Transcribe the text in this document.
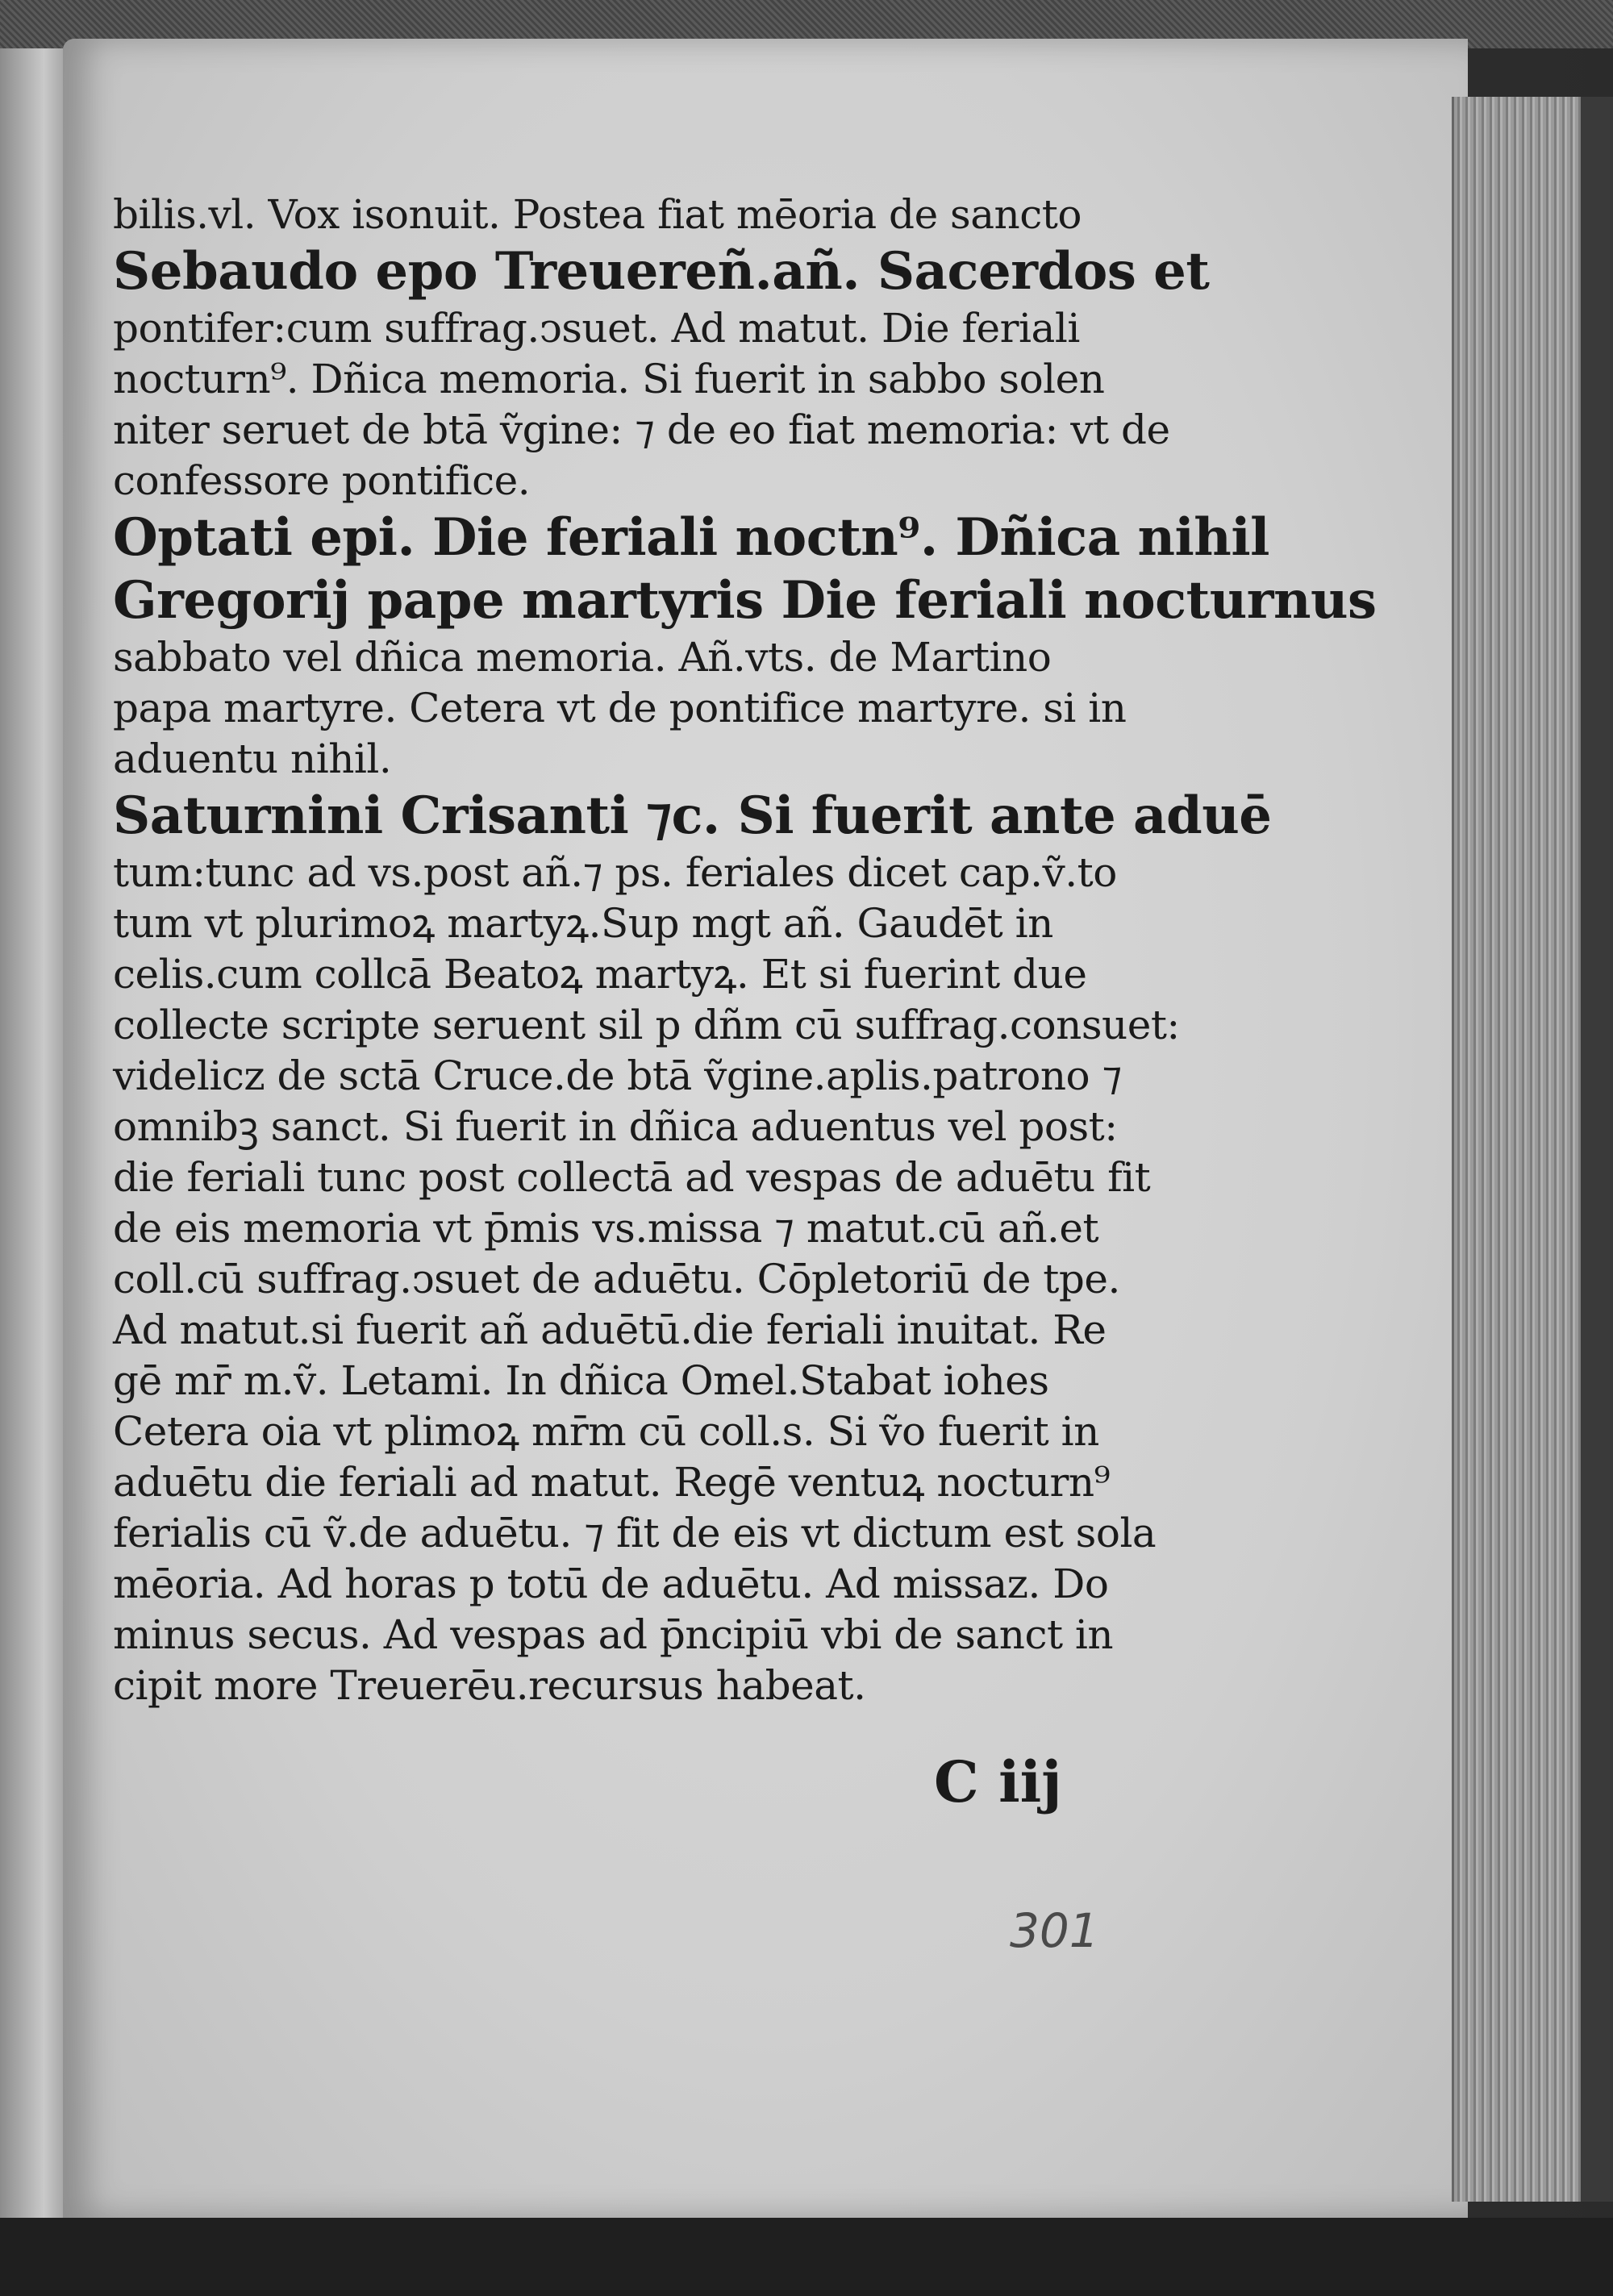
bilis.vl. Vox isonuit. Postea fiat mēoria de sancto
Sebaudo epo Treuereñ.añ. Sacerdos et
pontifer:cum suffrag.ↄsuet. Ad matut. Die feriali
nocturn⁹. Dñica memoria. Si fuerit in sabbo solen
niter seruet de btā ṽgine: ⁊ de eo fiat memoria: vt de
confessore pontifice.
Optati epi. Die feriali noctn⁹. Dñica nihil
Gregorij pape martyris Die feriali nocturnus
sabbato vel dñica memoria. Añ.vts. de Martino
papa martyre. Cetera vt de pontifice martyre. si in
aduentu nihil.
Saturnini Crisanti ⁊c. Si fuerit ante aduē
tum:tunc ad vs.post añ.⁊ ps. feriales dicet cap.ṽ.to
tum vt plurimoꝝ martyꝝ.Sup mgt añ. Gaudēt in
celis.cum collcā Beatoꝝ martyꝝ. Et si fuerint due
collecte scripte seruent sil p dñm cū suffrag.consuet:
videlicz de sctā Cruce.de btā ṽgine.aplis.patrono ⁊
omnibꝫ sanct. Si fuerit in dñica aduentus vel post:
die feriali tunc post collectā ad vespas de aduētu fit
de eis memoria vt p̄mis vs.missa ⁊ matut.cū añ.et
coll.cū suffrag.ↄsuet de aduētu. Cōpletoriū de tpe.
Ad matut.si fuerit añ aduētū.die feriali inuitat. Re
gē mr̄ m.ṽ. Letami. In dñica Omel.Stabat iohes
Cetera oia vt plimoꝝ mr̄m cū coll.s. Si ṽo fuerit in
aduētu die feriali ad matut. Regē ventuꝝ nocturn⁹
ferialis cū ṽ.de aduētu. ⁊ fit de eis vt dictum est sola
mēoria. Ad horas p totū de aduētu. Ad missaz. Do
minus secus. Ad vespas ad p̄ncipiū vbi de sanct in
cipit more Treuerēu.recursus habeat.
C iij
301
